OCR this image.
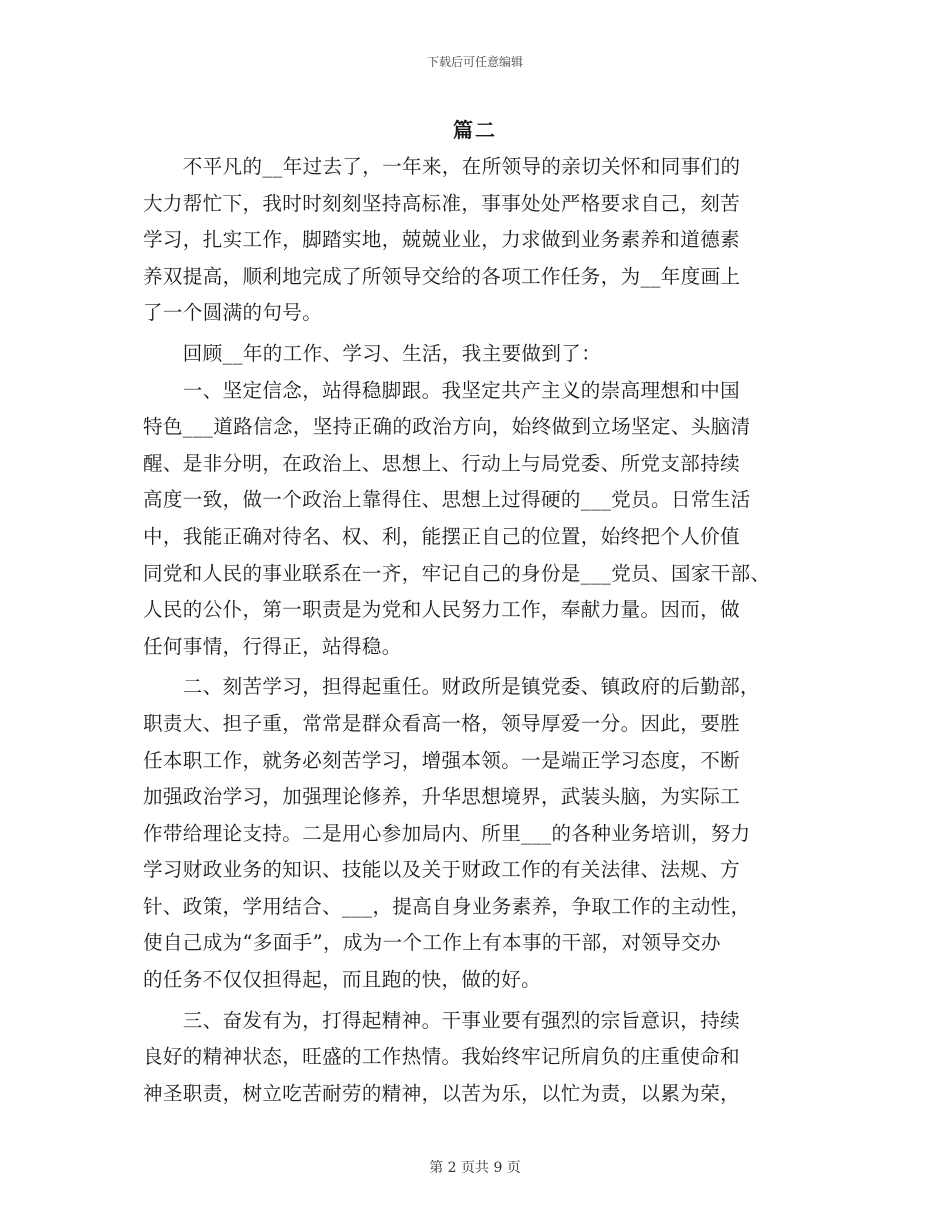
下载后可任意编辑
篇二
　　不平凡的__年过去了，一年来，在所领导的亲切关怀和同事们的
大力帮忙下，我时时刻刻坚持高标准，事事处处严格要求自己，刻苦
学习，扎实工作，脚踏实地，兢兢业业，力求做到业务素养和道德素
养双提高，顺利地完成了所领导交给的各项工作任务，为__年度画上
了一个圆满的句号。
　　回顾__年的工作、学习、生活，我主要做到了：
　　一、坚定信念，站得稳脚跟。我坚定共产主义的崇高理想和中国
特色___道路信念，坚持正确的政治方向，始终做到立场坚定、头脑清
醒、是非分明，在政治上、思想上、行动上与局党委、所党支部持续
高度一致，做一个政治上靠得住、思想上过得硬的___党员。日常生活
中，我能正确对待名、权、利，能摆正自己的位置，始终把个人价值
同党和人民的事业联系在一齐，牢记自己的身份是___党员、国家干部、
人民的公仆，第一职责是为党和人民努力工作，奉献力量。因而，做
任何事情，行得正，站得稳。
　　二、刻苦学习，担得起重任。财政所是镇党委、镇政府的后勤部，
职责大、担子重，常常是群众看高一格，领导厚爱一分。因此，要胜
任本职工作，就务必刻苦学习，增强本领。一是端正学习态度，不断
加强政治学习，加强理论修养，升华思想境界，武装头脑，为实际工
作带给理论支持。二是用心参加局内、所里___的各种业务培训，努力
学习财政业务的知识、技能以及关于财政工作的有关法律、法规、方
针、政策，学用结合、___，提高自身业务素养，争取工作的主动性，
使自己成为“多面手”，成为一个工作上有本事的干部，对领导交办
的任务不仅仅担得起，而且跑的快，做的好。
　　三、奋发有为，打得起精神。干事业要有强烈的宗旨意识，持续
良好的精神状态，旺盛的工作热情。我始终牢记所肩负的庄重使命和
神圣职责，树立吃苦耐劳的精神，以苦为乐，以忙为责，以累为荣，
第 2 页共 9 页
